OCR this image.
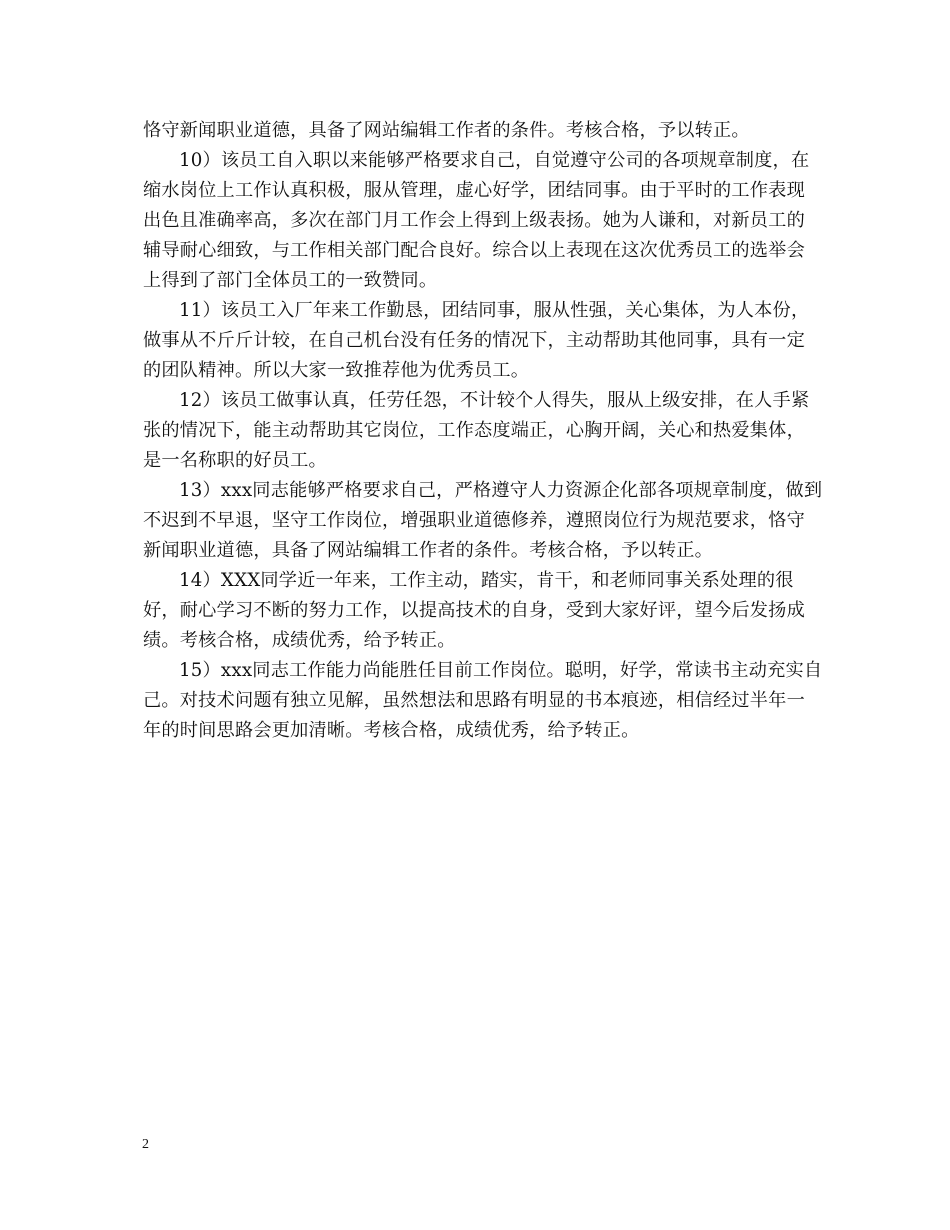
恪守新闻职业道德，具备了网站编辑工作者的条件。考核合格，予以转正。

10）该员工自入职以来能够严格要求自己，自觉遵守公司的各项规章制度，在缩水岗位上工作认真积极，服从管理，虚心好学，团结同事。由于平时的工作表现出色且准确率高，多次在部门月工作会上得到上级表扬。她为人谦和，对新员工的辅导耐心细致，与工作相关部门配合良好。综合以上表现在这次优秀员工的选举会上得到了部门全体员工的一致赞同。

11）该员工入厂年来工作勤恳，团结同事，服从性强，关心集体，为人本份，做事从不斤斤计较，在自己机台没有任务的情况下，主动帮助其他同事，具有一定的团队精神。所以大家一致推荐他为优秀员工。

12）该员工做事认真，任劳任怨，不计较个人得失，服从上级安排，在人手紧张的情况下，能主动帮助其它岗位，工作态度端正，心胸开阔，关心和热爱集体，是一名称职的好员工。

13）xxx同志能够严格要求自己，严格遵守人力资源企化部各项规章制度，做到不迟到不早退，坚守工作岗位，增强职业道德修养，遵照岗位行为规范要求，恪守新闻职业道德，具备了网站编辑工作者的条件。考核合格，予以转正。

14）XXX同学近一年来，工作主动，踏实，肯干，和老师同事关系处理的很好，耐心学习不断的努力工作，以提高技术的自身，受到大家好评，望今后发扬成绩。考核合格，成绩优秀，给予转正。

15）xxx同志工作能力尚能胜任目前工作岗位。聪明，好学，常读书主动充实自己。对技术问题有独立见解，虽然想法和思路有明显的书本痕迹，相信经过半年一年的时间思路会更加清晰。考核合格，成绩优秀，给予转正。

2
